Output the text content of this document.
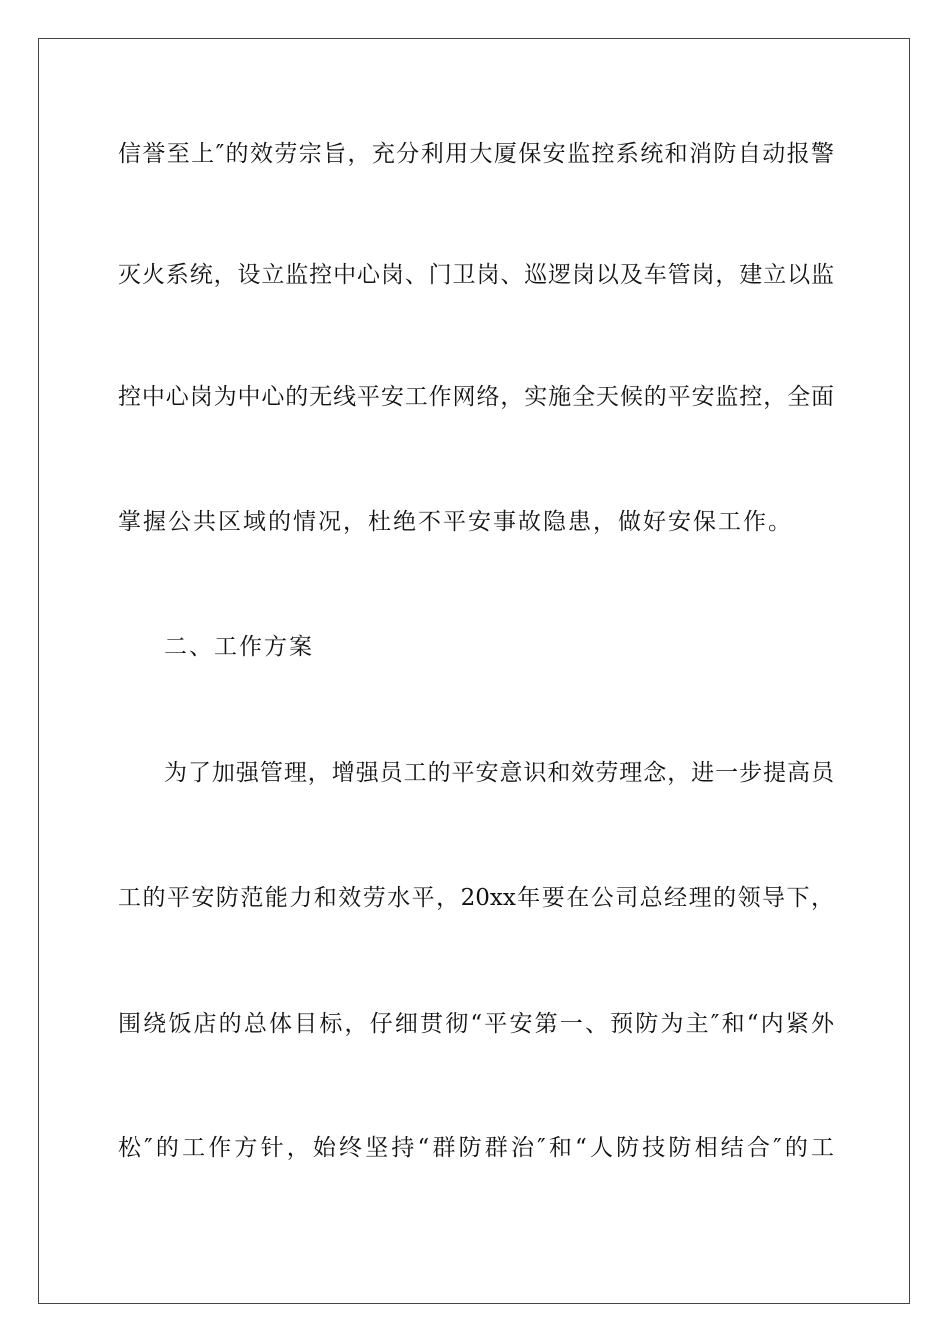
信誉至上″的效劳宗旨，充分利用大厦保安监控系统和消防自动报警
灭火系统，设立监控中心岗、门卫岗、巡逻岗以及车管岗，建立以监
控中心岗为中心的无线平安工作网络，实施全天候的平安监控，全面
掌握公共区域的情况，杜绝不平安事故隐患，做好安保工作。
二、工作方案
为了加强管理，增强员工的平安意识和效劳理念，进一步提高员
工的平安防范能力和效劳水平，20xx年要在公司总经理的领导下，
围绕饭店的总体目标，仔细贯彻“平安第一、预防为主″和“内紧外
松″的工作方针，始终坚持“群防群治″和“人防技防相结合″的工
